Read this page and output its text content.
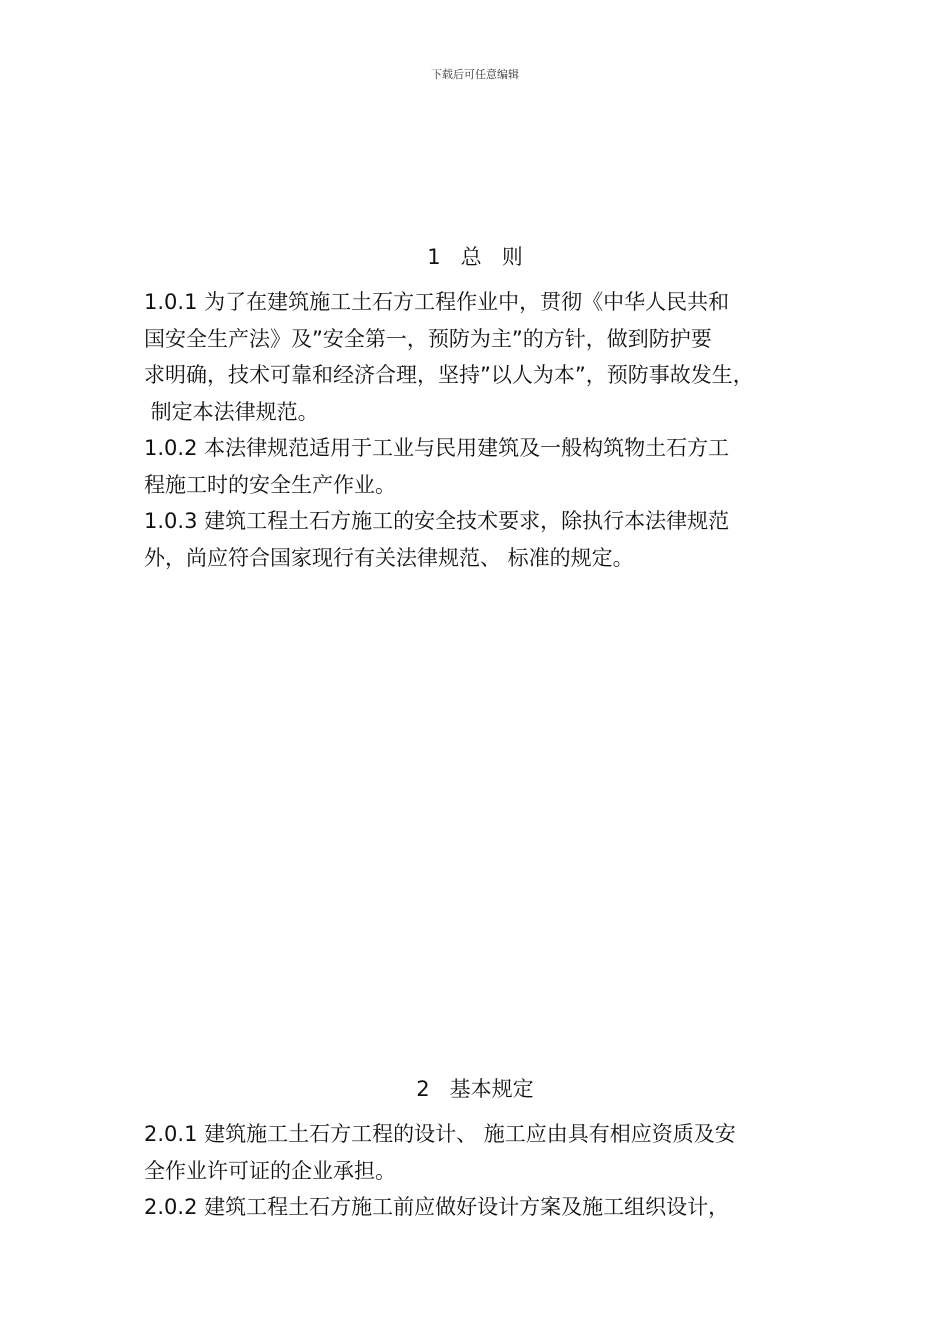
下载后可任意编辑
1   总   则
1.0.1 为了在建筑施工土石方工程作业中，贯彻《中华人民共和
国安全生产法》及”安全第一，预防为主”的方针，做到防护要
求明确，技术可靠和经济合理，坚持”以人为本”，预防事故发生，
制定本法律规范。
1.0.2 本法律规范适用于工业与民用建筑及一般构筑物土石方工
程施工时的安全生产作业。
1.0.3 建筑工程土石方施工的安全技术要求，除执行本法律规范
外，尚应符合国家现行有关法律规范、 标准的规定。
2   基本规定
2.0.1 建筑施工土石方工程的设计、 施工应由具有相应资质及安
全作业许可证的企业承担。
2.0.2 建筑工程土石方施工前应做好设计方案及施工组织设计，
